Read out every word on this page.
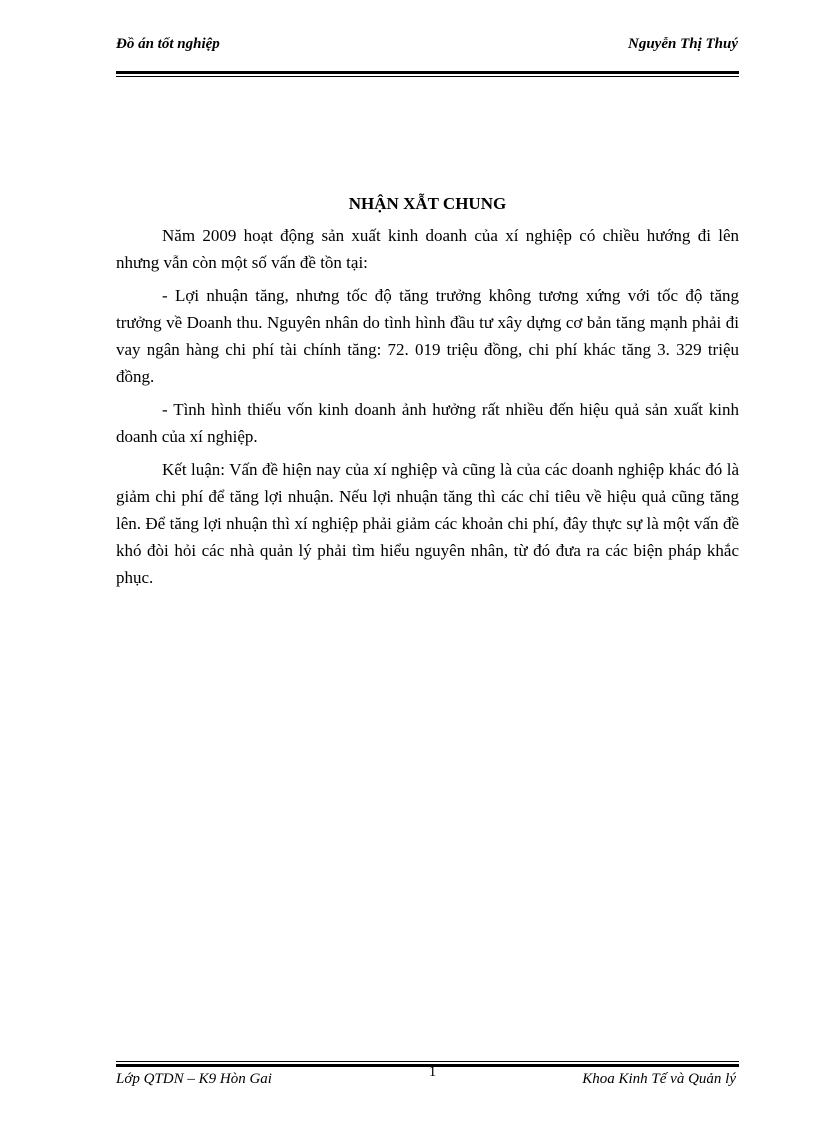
Đồ án tốt nghiệp	Nguyễn Thị Thuý
NHẬN XẪT CHUNG

Năm 2009 hoạt động sản xuất kinh doanh của xí nghiệp có chiều hướng đi lên nhưng vẫn còn một số vấn đề tồn tại:

- Lợi nhuận tăng, nhưng tốc độ tăng trưởng không tương xứng với tốc độ tăng trưởng về Doanh thu. Nguyên nhân do tình hình đầu tư xây dựng cơ bản tăng mạnh phải đi vay ngân hàng chi phí tài chính tăng: 72. 019 triệu đồng, chi phí khác tăng 3. 329 triệu đồng.

- Tình hình thiếu vốn kinh doanh ảnh hưởng rất nhiều đến hiệu quả sản xuất kinh doanh của xí nghiệp.

Kết luận: Vấn đề hiện nay của xí nghiệp và cũng là của các doanh nghiệp khác đó là giảm chi phí để tăng lợi nhuận. Nếu lợi nhuận tăng thì các chỉ tiêu về hiệu quả cũng tăng lên. Để tăng lợi nhuận thì xí nghiệp phải giảm các khoản chi phí, đây thực sự là một vấn đề khó đòi hỏi các nhà quản lý phải tìm hiểu nguyên nhân, từ đó đưa ra các biện pháp khắc phục.

Lớp QTDN – K9 Hòn Gai	1	Khoa Kinh Tế và Quản lý
